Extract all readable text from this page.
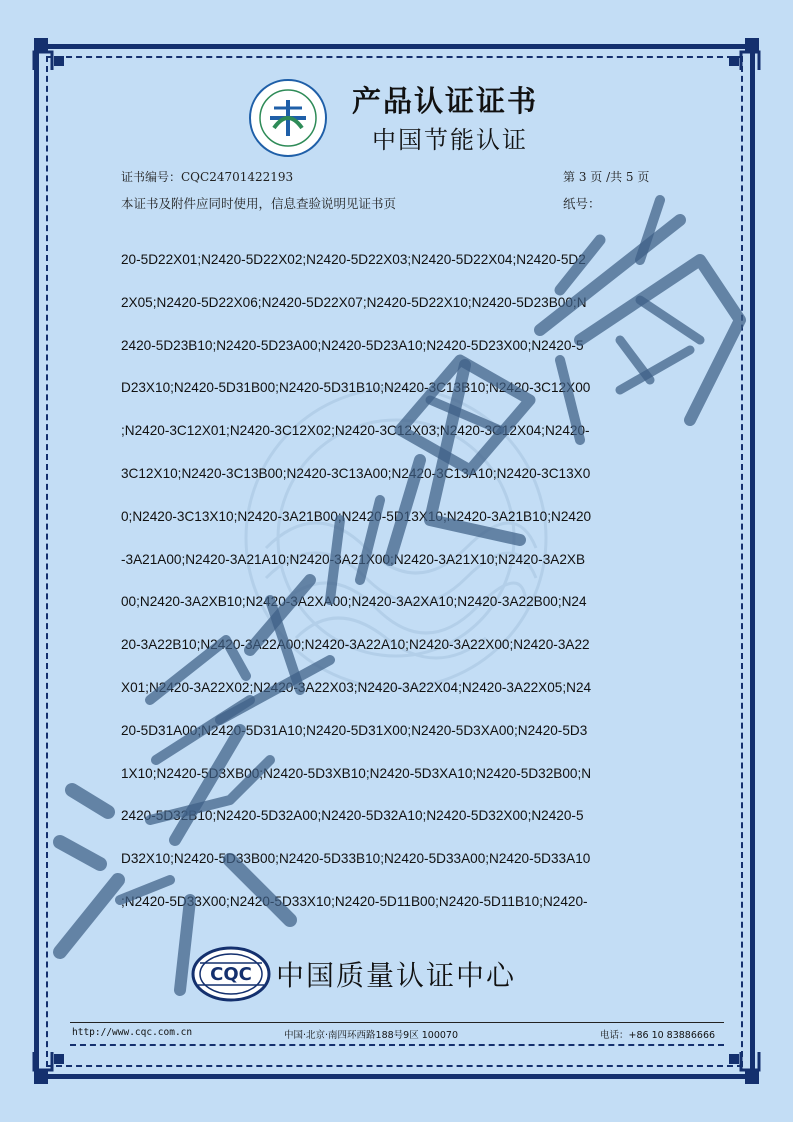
产品认证证书
中国节能认证
证书编号：CQC24701422193	第 3 页 /共 5 页
本证书及附件应同时使用，信息查验说明见证书页	纸号：
20-5D22X01;N2420-5D22X02;N2420-5D22X03;N2420-5D22X04;N2420-5D2
2X05;N2420-5D22X06;N2420-5D22X07;N2420-5D22X10;N2420-5D23B00;N
2420-5D23B10;N2420-5D23A00;N2420-5D23A10;N2420-5D23X00;N2420-5
D23X10;N2420-5D31B00;N2420-5D31B10;N2420-3C13B10;N2420-3C12X00
;N2420-3C12X01;N2420-3C12X02;N2420-3C12X03;N2420-3C12X04;N2420-
3C12X10;N2420-3C13B00;N2420-3C13A00;N2420-3C13A10;N2420-3C13X0
0;N2420-3C13X10;N2420-3A21B00;N2420-5D13X10;N2420-3A21B10;N2420
-3A21A00;N2420-3A21A10;N2420-3A21X00;N2420-3A21X10;N2420-3A2XB
00;N2420-3A2XB10;N2420-3A2XA00;N2420-3A2XA10;N2420-3A22B00;N24
20-3A22B10;N2420-3A22A00;N2420-3A22A10;N2420-3A22X00;N2420-3A22
X01;N2420-3A22X02;N2420-3A22X03;N2420-3A22X04;N2420-3A22X05;N24
20-5D31A00;N2420-5D31A10;N2420-5D31X00;N2420-5D3XA00;N2420-5D3
1X10;N2420-5D3XB00;N2420-5D3XB10;N2420-5D3XA10;N2420-5D32B00;N
2420-5D32B10;N2420-5D32A00;N2420-5D32A10;N2420-5D32X00;N2420-5
D32X10;N2420-5D33B00;N2420-5D33B10;N2420-5D33A00;N2420-5D33A10
;N2420-5D33X00;N2420-5D33X10;N2420-5D11B00;N2420-5D11B10;N2420-
CQC 中国质量认证中心
http://www.cqc.com.cn	中国·北京·南四环西路188号9区 100070	电话：+86 10 83886666
